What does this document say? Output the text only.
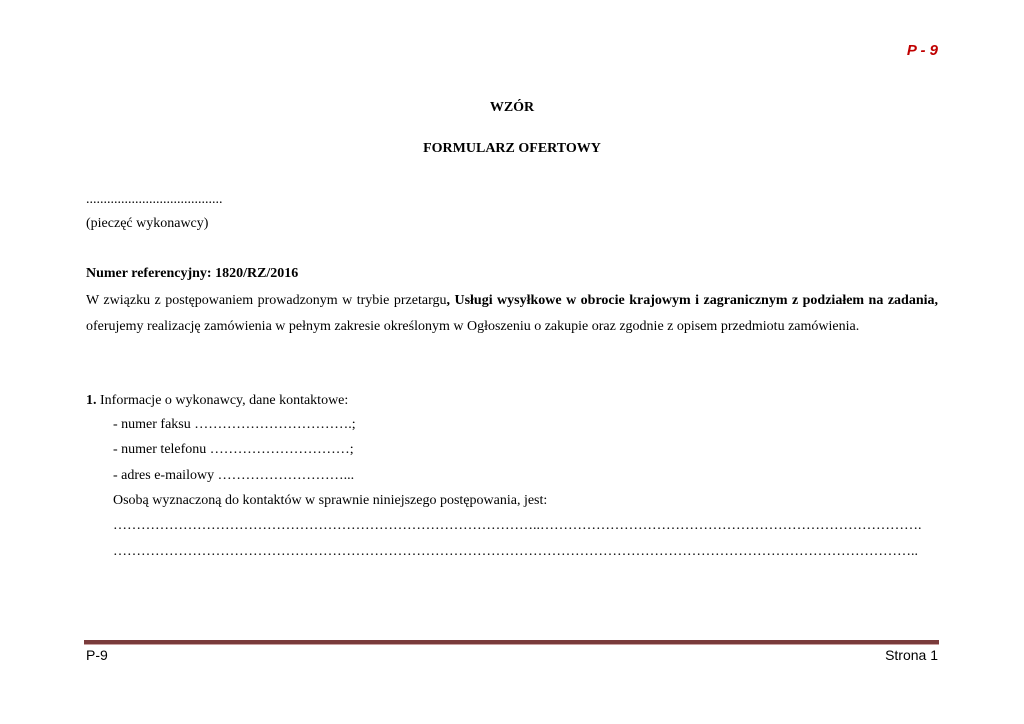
P - 9
WZÓR
FORMULARZ OFERTOWY
.......................................
(pieczęć wykonawcy)
Numer referencyjny: 1820/RZ/2016
W związku z postępowaniem prowadzonym w trybie przetargu, Usługi wysyłkowe w obrocie krajowym i zagranicznym z podziałem na zadania, oferujemy realizację zamówienia w pełnym zakresie określonym w Ogłoszeniu o zakupie oraz zgodnie z opisem przedmiotu zamówienia.
1. Informacje o wykonawcy, dane kontaktowe:
- numer faksu …………………………….;
- numer telefonu …………………………;
- adres e-mailowy ………………………...
Osobą wyznaczoną do kontaktów w sprawnie niniejszego postępowania, jest:
………………………………………………………………………………..……………………………………………………………………….
………………………………………………………………………………………………………………………………………………………..
P-9	Strona 1
